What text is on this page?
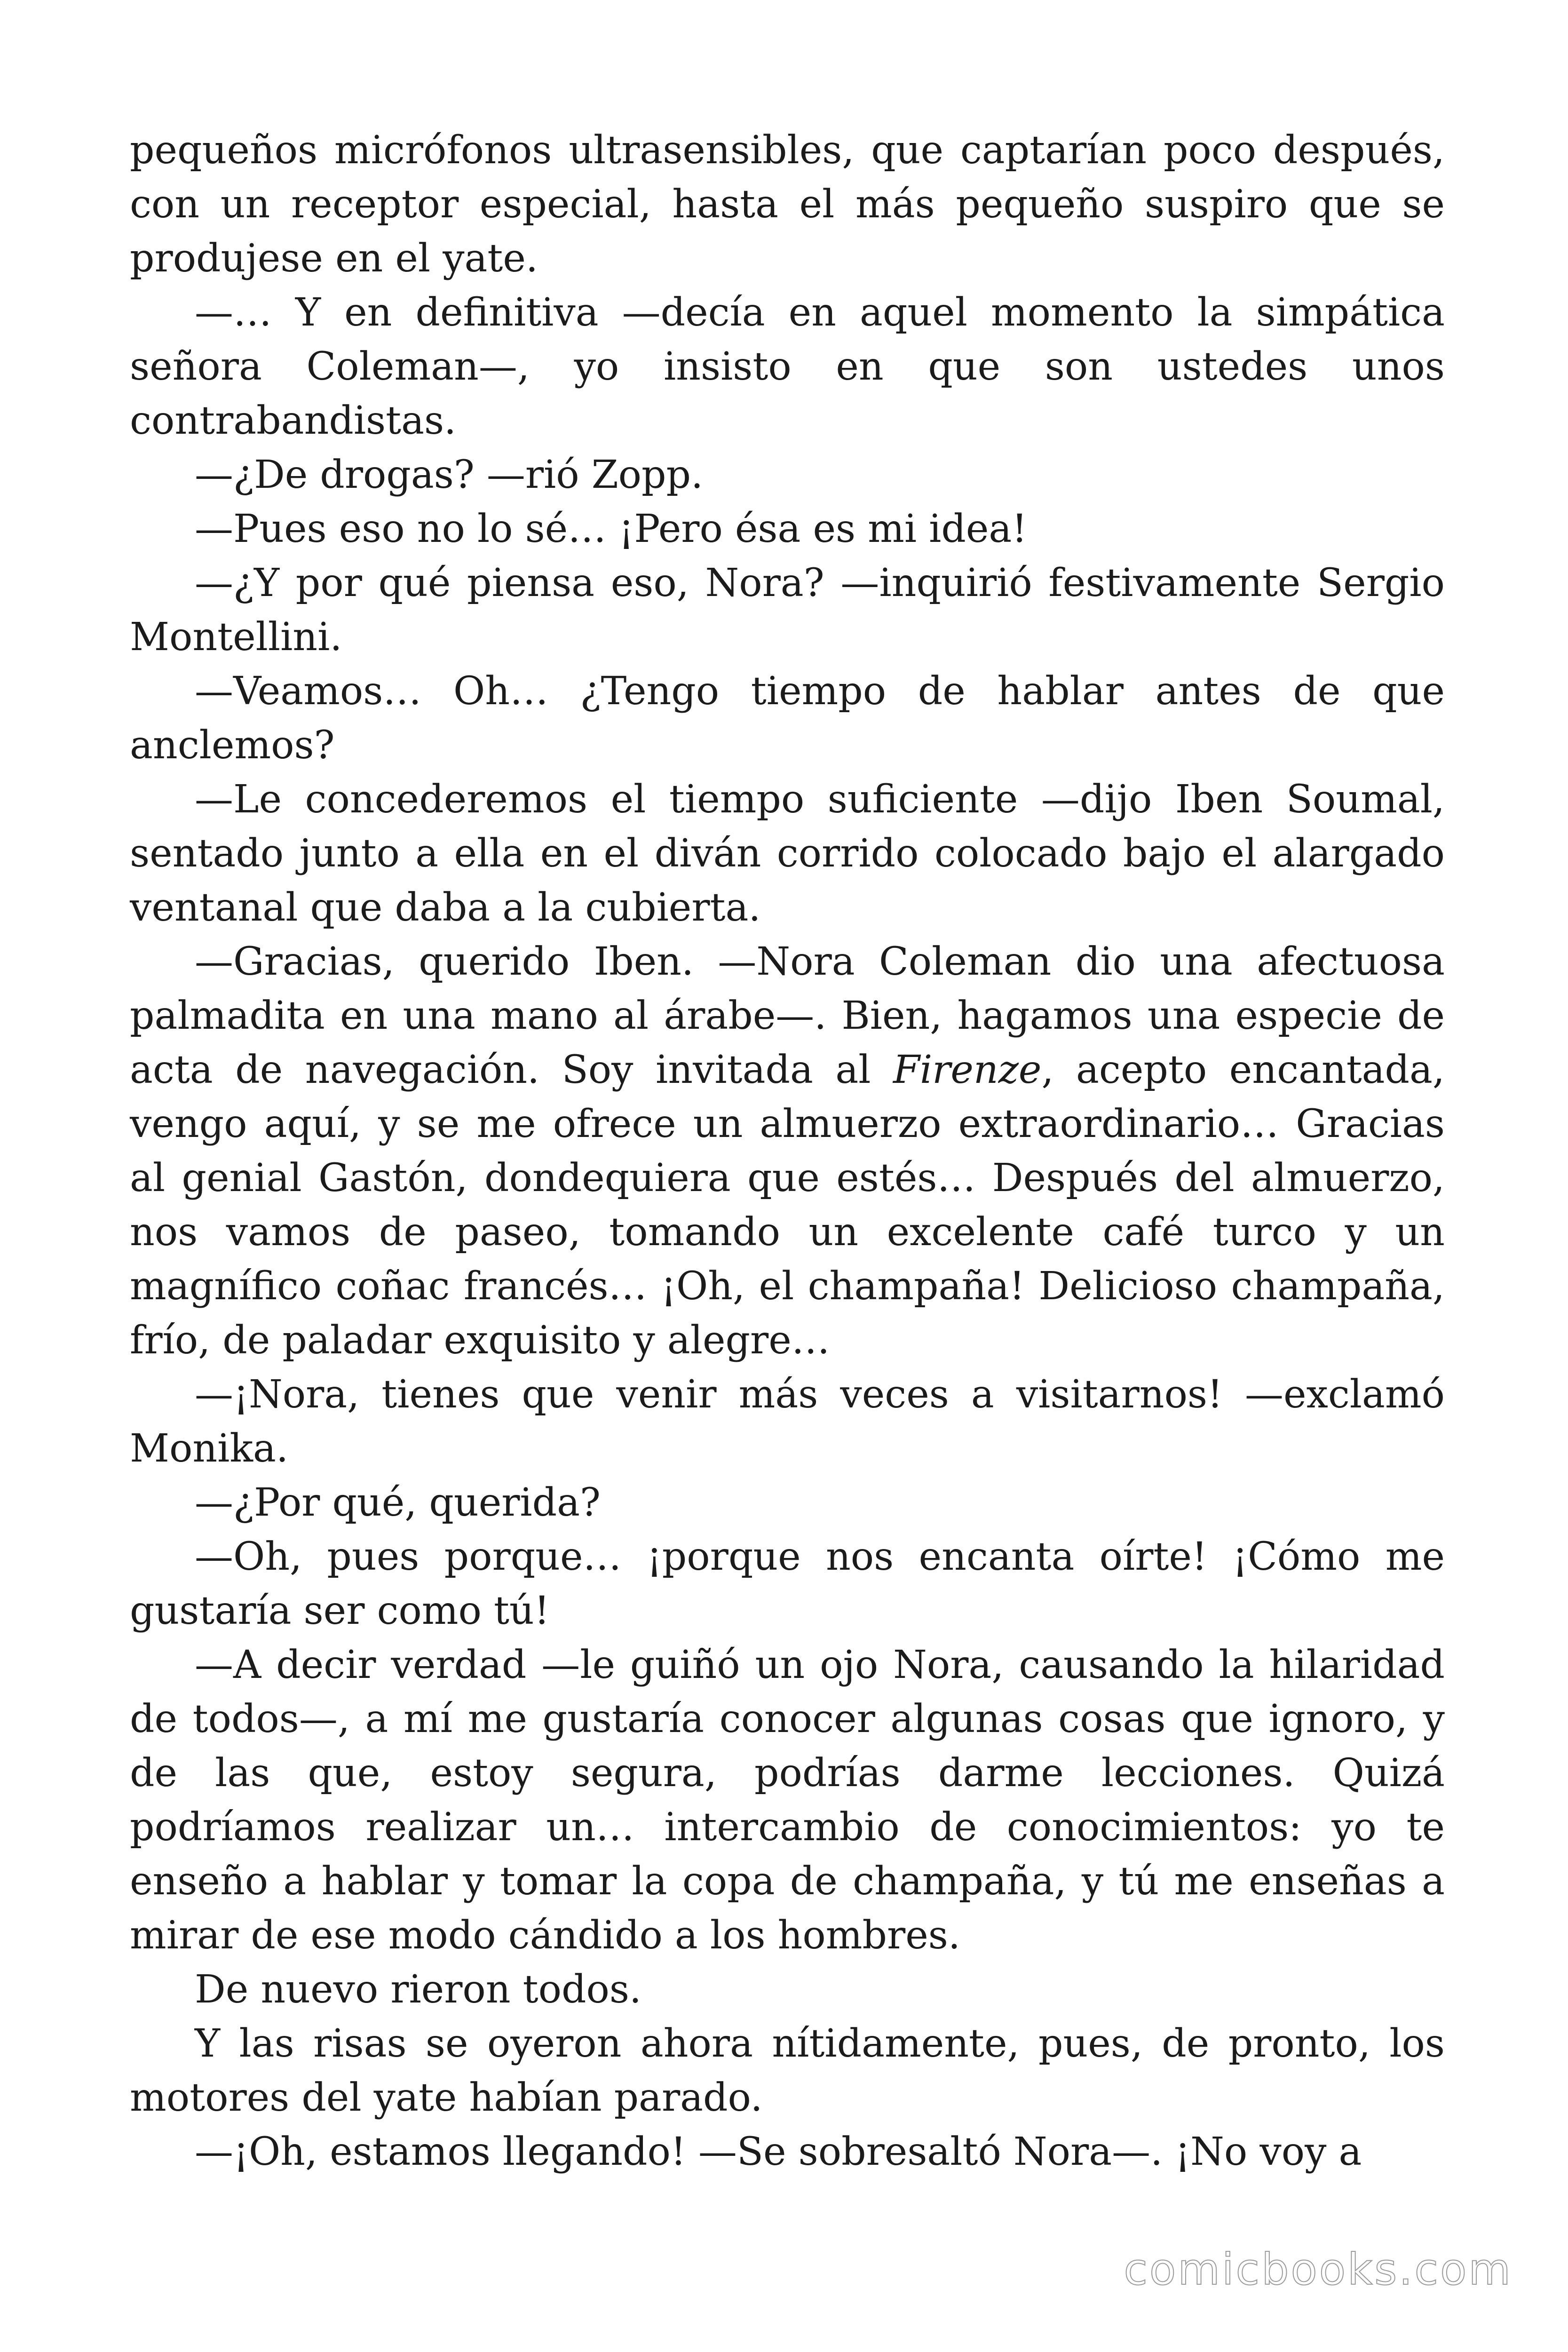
pequeños micrófonos ultrasensibles, que captarían poco después, con un receptor especial, hasta el más pequeño suspiro que se produjese en el yate.

—… Y en definitiva —decía en aquel momento la simpática señora Coleman—, yo insisto en que son ustedes unos contrabandistas.

—¿De drogas? —rió Zopp.

—Pues eso no lo sé… ¡Pero ésa es mi idea!

—¿Y por qué piensa eso, Nora? —inquirió festivamente Sergio Montellini.

—Veamos… Oh… ¿Tengo tiempo de hablar antes de que anclemos?

—Le concederemos el tiempo suficiente —dijo Iben Soumal, sentado junto a ella en el diván corrido colocado bajo el alargado ventanal que daba a la cubierta.

—Gracias, querido Iben. —Nora Coleman dio una afectuosa palmadita en una mano al árabe—. Bien, hagamos una especie de acta de navegación. Soy invitada al Firenze, acepto encantada, vengo aquí, y se me ofrece un almuerzo extraordinario… Gracias al genial Gastón, dondequiera que estés… Después del almuerzo, nos vamos de paseo, tomando un excelente café turco y un magnífico coñac francés… ¡Oh, el champaña! Delicioso champaña, frío, de paladar exquisito y alegre…

—¡Nora, tienes que venir más veces a visitarnos! —exclamó Monika.

—¿Por qué, querida?

—Oh, pues porque… ¡porque nos encanta oírte! ¡Cómo me gustaría ser como tú!

—A decir verdad —le guiñó un ojo Nora, causando la hilaridad de todos—, a mí me gustaría conocer algunas cosas que ignoro, y de las que, estoy segura, podrías darme lecciones. Quizá podríamos realizar un… intercambio de conocimientos: yo te enseño a hablar y tomar la copa de champaña, y tú me enseñas a mirar de ese modo cándido a los hombres.

De nuevo rieron todos.

Y las risas se oyeron ahora nítidamente, pues, de pronto, los motores del yate habían parado.

—¡Oh, estamos llegando! —Se sobresaltó Nora—. ¡No voy a

comicbooks.com
